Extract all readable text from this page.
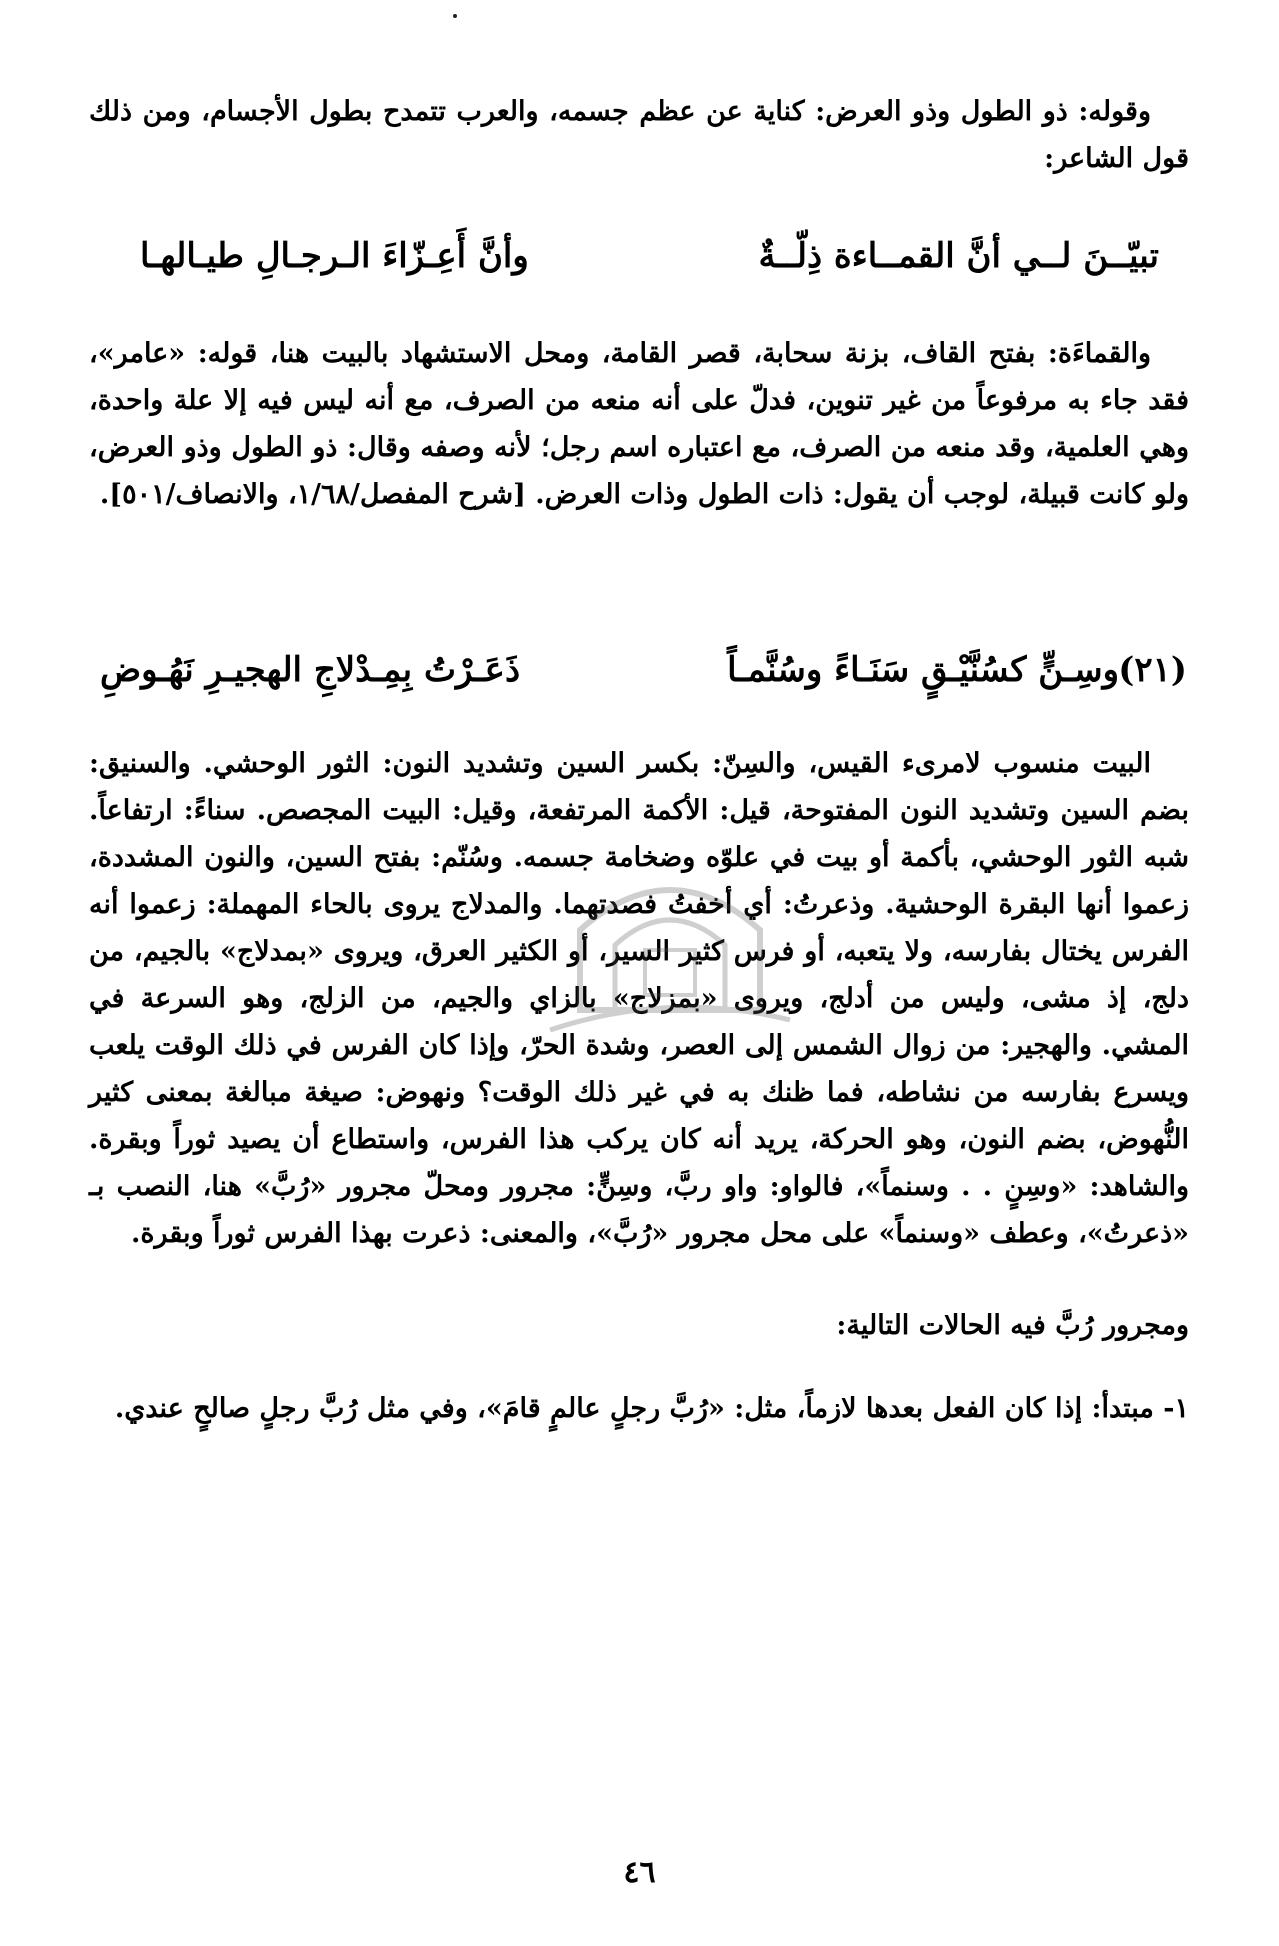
وقوله: ذو الطول وذو العرض: كناية عن عظم جسمه، والعرب تتمدح بطول الأجسام، ومن ذلك قول الشاعر:

تبيّــنَ لــي أنَّ القمــاءة ذِلّــةٌ
وأنَّ أَعِـزّاءَ الـرجـالِ طيـالهـا

والقماءَة: بفتح القاف، بزنة سحابة، قصر القامة، ومحل الاستشهاد بالبيت هنا، قوله: «عامر»، فقد جاء به مرفوعاً من غير تنوين، فدلّ على أنه منعه من الصرف، مع أنه ليس فيه إلا علة واحدة، وهي العلمية، وقد منعه من الصرف، مع اعتباره اسم رجل؛ لأنه وصفه وقال: ذو الطول وذو العرض، ولو كانت قبيلة، لوجب أن يقول: ذات الطول وذات العرض. [شرح المفصل/١/٦٨، والانصاف/٥٠١].

(٢١)
وسِـنٍّ كسُنَّيْـقٍ سَنَـاءً وسُنَّمـاً
ذَعَـرْتُ بِمِـدْلاجِ الهجيـرِ نَهُـوضِ

البيت منسوب لامرىء القيس، والسِنّ: بكسر السين وتشديد النون: الثور الوحشي. والسنيق: بضم السين وتشديد النون المفتوحة، قيل: الأكمة المرتفعة، وقيل: البيت المجصص. سناءً: ارتفاعاً. شبه الثور الوحشي، بأكمة أو بيت في علوّه وضخامة جسمه. وسُنّم: بفتح السين، والنون المشددة، زعموا أنها البقرة الوحشية. وذعرتُ: أي أخفتُ فصدتهما. والمدلاج يروى بالحاء المهملة: زعموا أنه الفرس يختال بفارسه، ولا يتعبه، أو فرس كثير السير، أو الكثير العرق، ويروى «بمدلاج» بالجيم، من دلج، إذ مشى، وليس من أدلج، ويروى «بمزلاج» بالزاي والجيم، من الزلج، وهو السرعة في المشي. والهجير: من زوال الشمس إلى العصر، وشدة الحرّ، وإذا كان الفرس في ذلك الوقت يلعب ويسرع بفارسه من نشاطه، فما ظنك به في غير ذلك الوقت؟ ونهوض: صيغة مبالغة بمعنى كثير النُّهوض، بضم النون، وهو الحركة، يريد أنه كان يركب هذا الفرس، واستطاع أن يصيد ثوراً وبقرة. والشاهد: «وسِنٍ . . وسنماً»، فالواو: واو ربَّ، وسِنٍّ: مجرور ومحلّ مجرور «رُبَّ» هنا، النصب بـ «ذعرتُ»، وعطف «وسنماً» على محل مجرور «رُبَّ»، والمعنى: ذعرت بهذا الفرس ثوراً وبقرة.

ومجرور رُبَّ فيه الحالات التالية:

١- مبتدأ: إذا كان الفعل بعدها لازماً، مثل: «رُبَّ رجلٍ عالمٍ قامَ»، وفي مثل رُبَّ رجلٍ صالحٍ عندي.

٤٦
